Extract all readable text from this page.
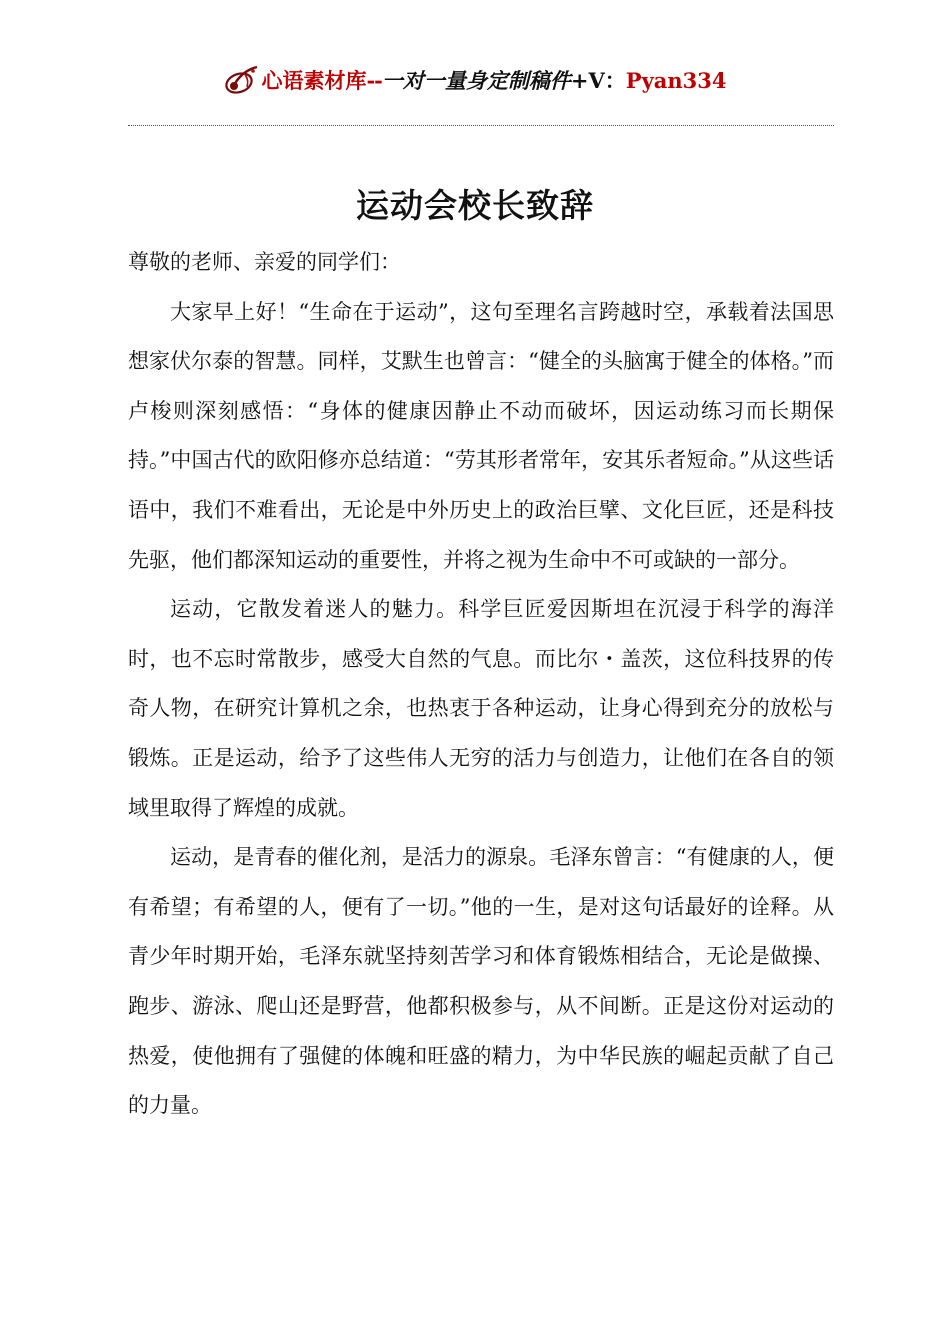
心语素材库 -- 一对一量身定制稿件 +V： Pyan334
运动会校长致辞

尊敬的老师、亲爱的同学们：

大家早上好！“生命在于运动”，这句至理名言跨越时空，承载着法国思想家伏尔泰的智慧。同样，艾默生也曾言：“健全的头脑寓于健全的体格。”而卢梭则深刻感悟：“身体的健康因静止不动而破坏，因运动练习而长期保持。”中国古代的欧阳修亦总结道：“劳其形者常年，安其乐者短命。”从这些话语中，我们不难看出，无论是中外历史上的政治巨擘、文化巨匠，还是科技先驱，他们都深知运动的重要性，并将之视为生命中不可或缺的一部分。

运动，它散发着迷人的魅力。科学巨匠爱因斯坦在沉浸于科学的海洋时，也不忘时常散步，感受大自然的气息。而比尔・盖茨，这位科技界的传奇人物，在研究计算机之余，也热衷于各种运动，让身心得到充分的放松与锻炼。正是运动，给予了这些伟人无穷的活力与创造力，让他们在各自的领域里取得了辉煌的成就。

运动，是青春的催化剂，是活力的源泉。毛泽东曾言：“有健康的人，便有希望；有希望的人，便有了一切。”他的一生，是对这句话最好的诠释。从青少年时期开始，毛泽东就坚持刻苦学习和体育锻炼相结合，无论是做操、跑步、游泳、爬山还是野营，他都积极参与，从不间断。正是这份对运动的热爱，使他拥有了强健的体魄和旺盛的精力，为中华民族的崛起贡献了自己的力量。
